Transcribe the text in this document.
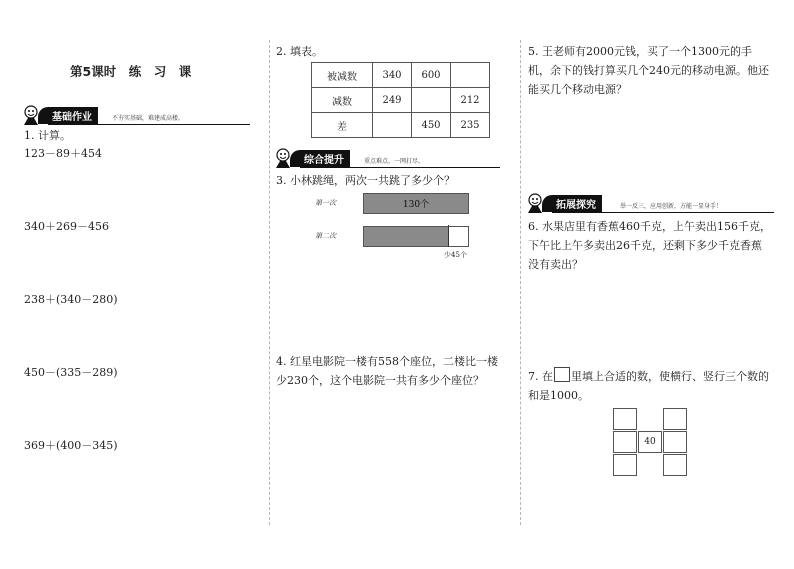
第5课时　练　习　课
基础作业	不夯实基础，难建成高楼。
1. 计算。
123－89＋454
340＋269－456
238＋(340－280)
450－(335－289)
369＋(400－345)
2. 填表。
被减数	340	600	
减数	249		212
差		450	235
综合提升	重点难点，一网打尽。
3. 小林跳绳，两次一共跳了多少个？
第一次	130个
第二次
少45个
4. 红星电影院一楼有558个座位，二楼比一楼少230个，这个电影院一共有多少个座位？
5. 王老师有2000元钱，买了一个1300元的手机，余下的钱打算买几个240元的移动电源。他还能买几个移动电源？
拓展探究	举一反三，应用创新，方能一显身手！
6. 水果店里有香蕉460千克，上午卖出156千克，下午比上午多卖出26千克，还剩下多少千克香蕉没有卖出？
7. 在 里填上合适的数，使横行、竖行三个数的和是1000。
40
